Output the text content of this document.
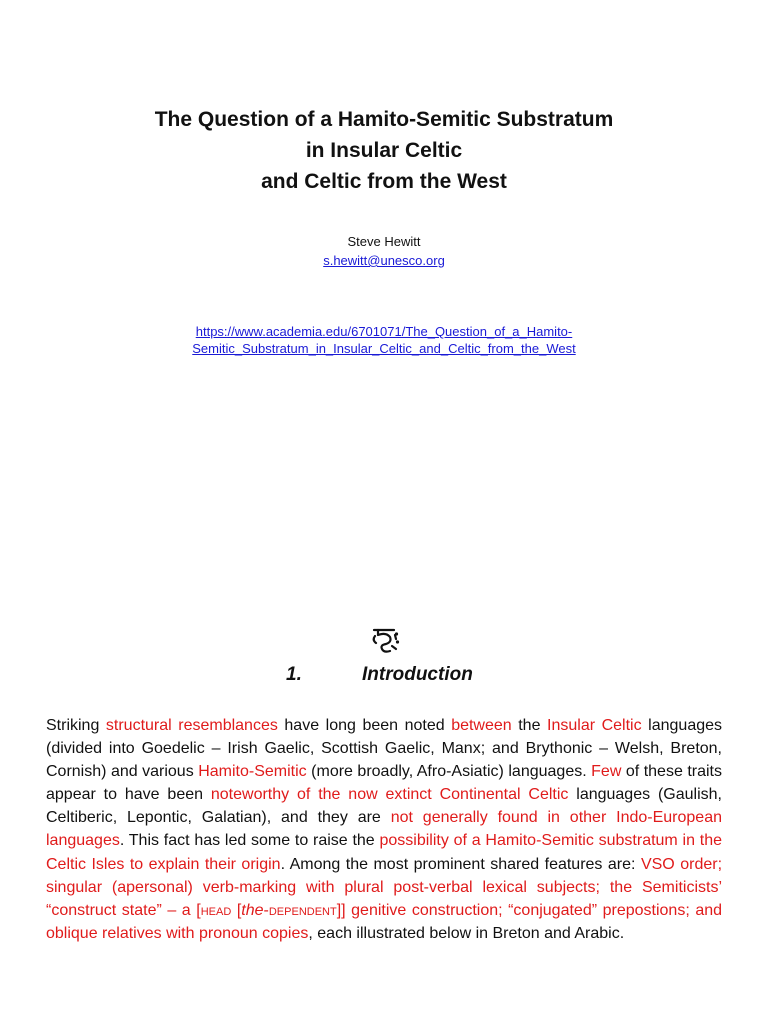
The Question of a Hamito-Semitic Substratum
in Insular Celtic
and Celtic from the West
Steve Hewitt
s.hewitt@unesco.org
https://www.academia.edu/6701071/The_Question_of_a_Hamito-
Semitic_Substratum_in_Insular_Celtic_and_Celtic_from_the_West
1.	Introduction

Striking structural resemblances have long been noted between the Insular Celtic languages (divided into Goedelic – Irish Gaelic, Scottish Gaelic, Manx; and Brythonic – Welsh, Breton, Cornish) and various Hamito-Semitic (more broadly, Afro-Asiatic) languages. Few of these traits appear to have been noteworthy of the now extinct Continental Celtic languages (Gaulish, Celtiberic, Lepontic, Galatian), and they are not generally found in other Indo-European languages. This fact has led some to raise the possibility of a Hamito-Semitic substratum in the Celtic Isles to explain their origin. Among the most prominent shared features are: VSO order; singular (apersonal) verb-marking with plural post-verbal lexical subjects; the Semiticists’ “construct state” – a [head [the-dependent]] genitive construction; “conjugated” prepostions; and oblique relatives with pronoun copies, each illustrated below in Breton and Arabic.
